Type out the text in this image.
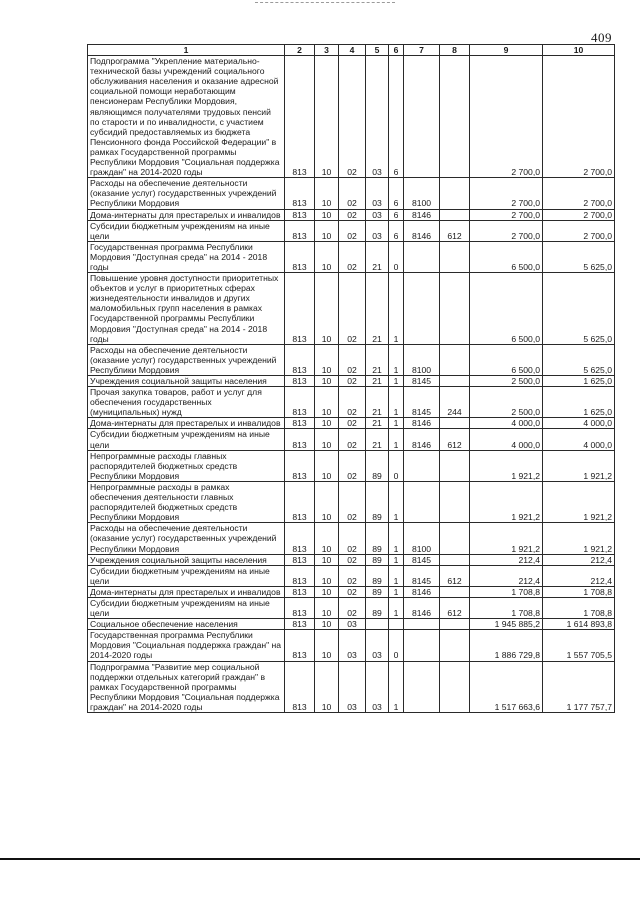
409
1	2	3	4	5	6	7	8	9	10
Подпрограмма "Укрепление материально-технической базы учреждений социального обслуживания населения и оказание адресной социальной помощи неработающим пенсионерам Республики Мордовия, являющимся получателями трудовых пенсий по старости и по инвалидности, с участием субсидий предоставляемых из бюджета Пенсионного фонда Российской Федерации" в рамках Государственной программы Республики Мордовия "Социальная поддержка граждан" на 2014-2020 годы	813	10	02	03	6			2 700,0	2 700,0
Расходы на обеспечение деятельности (оказание услуг) государственных учреждений Республики Мордовия	813	10	02	03	6	8100		2 700,0	2 700,0
Дома-интернаты для престарелых и инвалидов	813	10	02	03	6	8146		2 700,0	2 700,0
Субсидии бюджетным учреждениям на иные цели	813	10	02	03	6	8146	612	2 700,0	2 700,0
Государственная программа Республики Мордовия "Доступная среда" на 2014 - 2018 годы	813	10	02	21	0			6 500,0	5 625,0
Повышение уровня доступности приоритетных объектов и услуг в приоритетных сферах жизнедеятельности инвалидов и других маломобильных групп населения в рамках Государственной программы Республики Мордовия "Доступная среда" на 2014 - 2018 годы	813	10	02	21	1			6 500,0	5 625,0
Расходы на обеспечение деятельности (оказание услуг) государственных учреждений Республики Мордовия	813	10	02	21	1	8100		6 500,0	5 625,0
Учреждения социальной защиты населения	813	10	02	21	1	8145		2 500,0	1 625,0
Прочая закупка товаров, работ и услуг для обеспечения государственных (муниципальных) нужд	813	10	02	21	1	8145	244	2 500,0	1 625,0
Дома-интернаты для престарелых и инвалидов	813	10	02	21	1	8146		4 000,0	4 000,0
Субсидии бюджетным учреждениям на иные цели	813	10	02	21	1	8146	612	4 000,0	4 000,0
Непрограммные расходы главных распорядителей бюджетных средств Республики Мордовия	813	10	02	89	0			1 921,2	1 921,2
Непрограммные расходы в рамках обеспечения деятельности главных распорядителей бюджетных средств Республики Мордовия	813	10	02	89	1			1 921,2	1 921,2
Расходы на обеспечение деятельности (оказание услуг) государственных учреждений Республики Мордовия	813	10	02	89	1	8100		1 921,2	1 921,2
Учреждения социальной защиты населения	813	10	02	89	1	8145		212,4	212,4
Субсидии бюджетным учреждениям на иные цели	813	10	02	89	1	8145	612	212,4	212,4
Дома-интернаты для престарелых и инвалидов	813	10	02	89	1	8146		1 708,8	1 708,8
Субсидии бюджетным учреждениям на иные цели	813	10	02	89	1	8146	612	1 708,8	1 708,8
Социальное обеспечение населения	813	10	03					1 945 885,2	1 614 893,8
Государственная программа Республики Мордовия "Социальная поддержка граждан" на 2014-2020 годы	813	10	03	03	0			1 886 729,8	1 557 705,5
Подпрограмма "Развитие мер социальной поддержки отдельных категорий граждан" в рамках Государственной программы Республики Мордовия "Социальная поддержка граждан" на 2014-2020 годы	813	10	03	03	1			1 517 663,6	1 177 757,7
